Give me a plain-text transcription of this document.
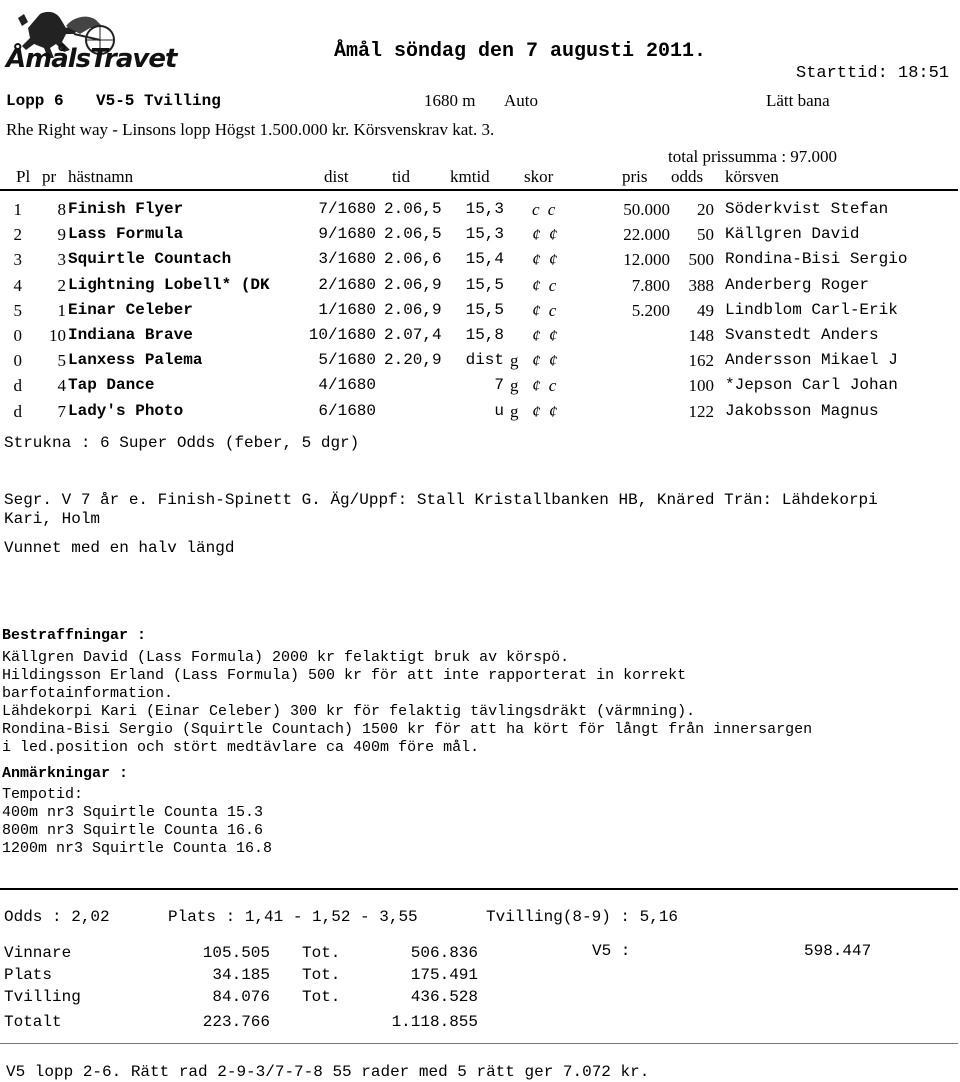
ÅmålsTravet	Åmål söndag den 7 augusti 2011.
Starttid: 18:51
Lopp 6 V5-5 Tvilling	1680 m Auto	Lätt bana
Rhe Right way - Linsons lopp Högst 1.500.000 kr. Körsvenskrav kat. 3.
total prissumma : 97.000
Pl pr hästnamn	dist	tid kmtid skor	pris odds körsven
1	8 Finish Flyer	7/1680 2.06,5	15,3 c c	50.000	20 Söderkvist Stefan
2	9 Lass Formula	9/1680 2.06,5	15,3 ¢ ¢	22.000	50 Källgren David
3	3 Squirtle Countach	3/1680 2.06,6	15,4 ¢ ¢	12.000	500 Rondina-Bisi Sergio
4	2 Lightning Lobell* (DK	2/1680 2.06,9	15,5 ¢ c	7.800	388 Anderberg Roger
5	1 Einar Celeber	1/1680 2.06,9	15,5 ¢ c	5.200	49 Lindblom Carl-Erik
0	10 Indiana Brave	10/1680 2.07,4	15,8 ¢ ¢	148 Svanstedt Anders
0	5 Lanxess Palema	5/1680 2.20,9	dist g ¢ ¢	162 Andersson Mikael J
d	4 Tap Dance	4/1680	7 g ¢ c	100 *Jepson Carl Johan
d	7 Lady's Photo	6/1680	u g ¢ ¢	122 Jakobsson Magnus
Strukna : 6 Super Odds (feber, 5 dgr)
Segr. V 7 år e. Finish-Spinett G. Äg/Uppf: Stall Kristallbanken HB, Knäred Trän: Lähdekorpi
Kari, Holm
Vunnet med en halv längd
Bestraffningar :
Källgren David (Lass Formula) 2000 kr felaktigt bruk av körspö.
Hildingsson Erland (Lass Formula) 500 kr för att inte rapporterat in korrekt
barfotainformation.
Lähdekorpi Kari (Einar Celeber) 300 kr för felaktig tävlingsdräkt (värmning).
Rondina-Bisi Sergio (Squirtle Countach) 1500 kr för att ha kört för långt från innersargen
i led.position och stört medtävlare ca 400m före mål.
Anmärkningar :
Tempotid:
400m nr3 Squirtle Counta 15.3
800m nr3 Squirtle Counta 16.6
1200m nr3 Squirtle Counta 16.8
Odds : 2,02	Plats : 1,41 - 1,52 - 3,55	Tvilling(8-9) : 5,16
Vinnare	105.505 Tot.	506.836
Plats	34.185 Tot.	175.491
Tvilling	84.076 Tot.	436.528
Totalt	223.766	1.118.855
V5 :	598.447
V5 lopp 2-6. Rätt rad 2-9-3/7-7-8 55 rader med 5 rätt ger 7.072 kr.
